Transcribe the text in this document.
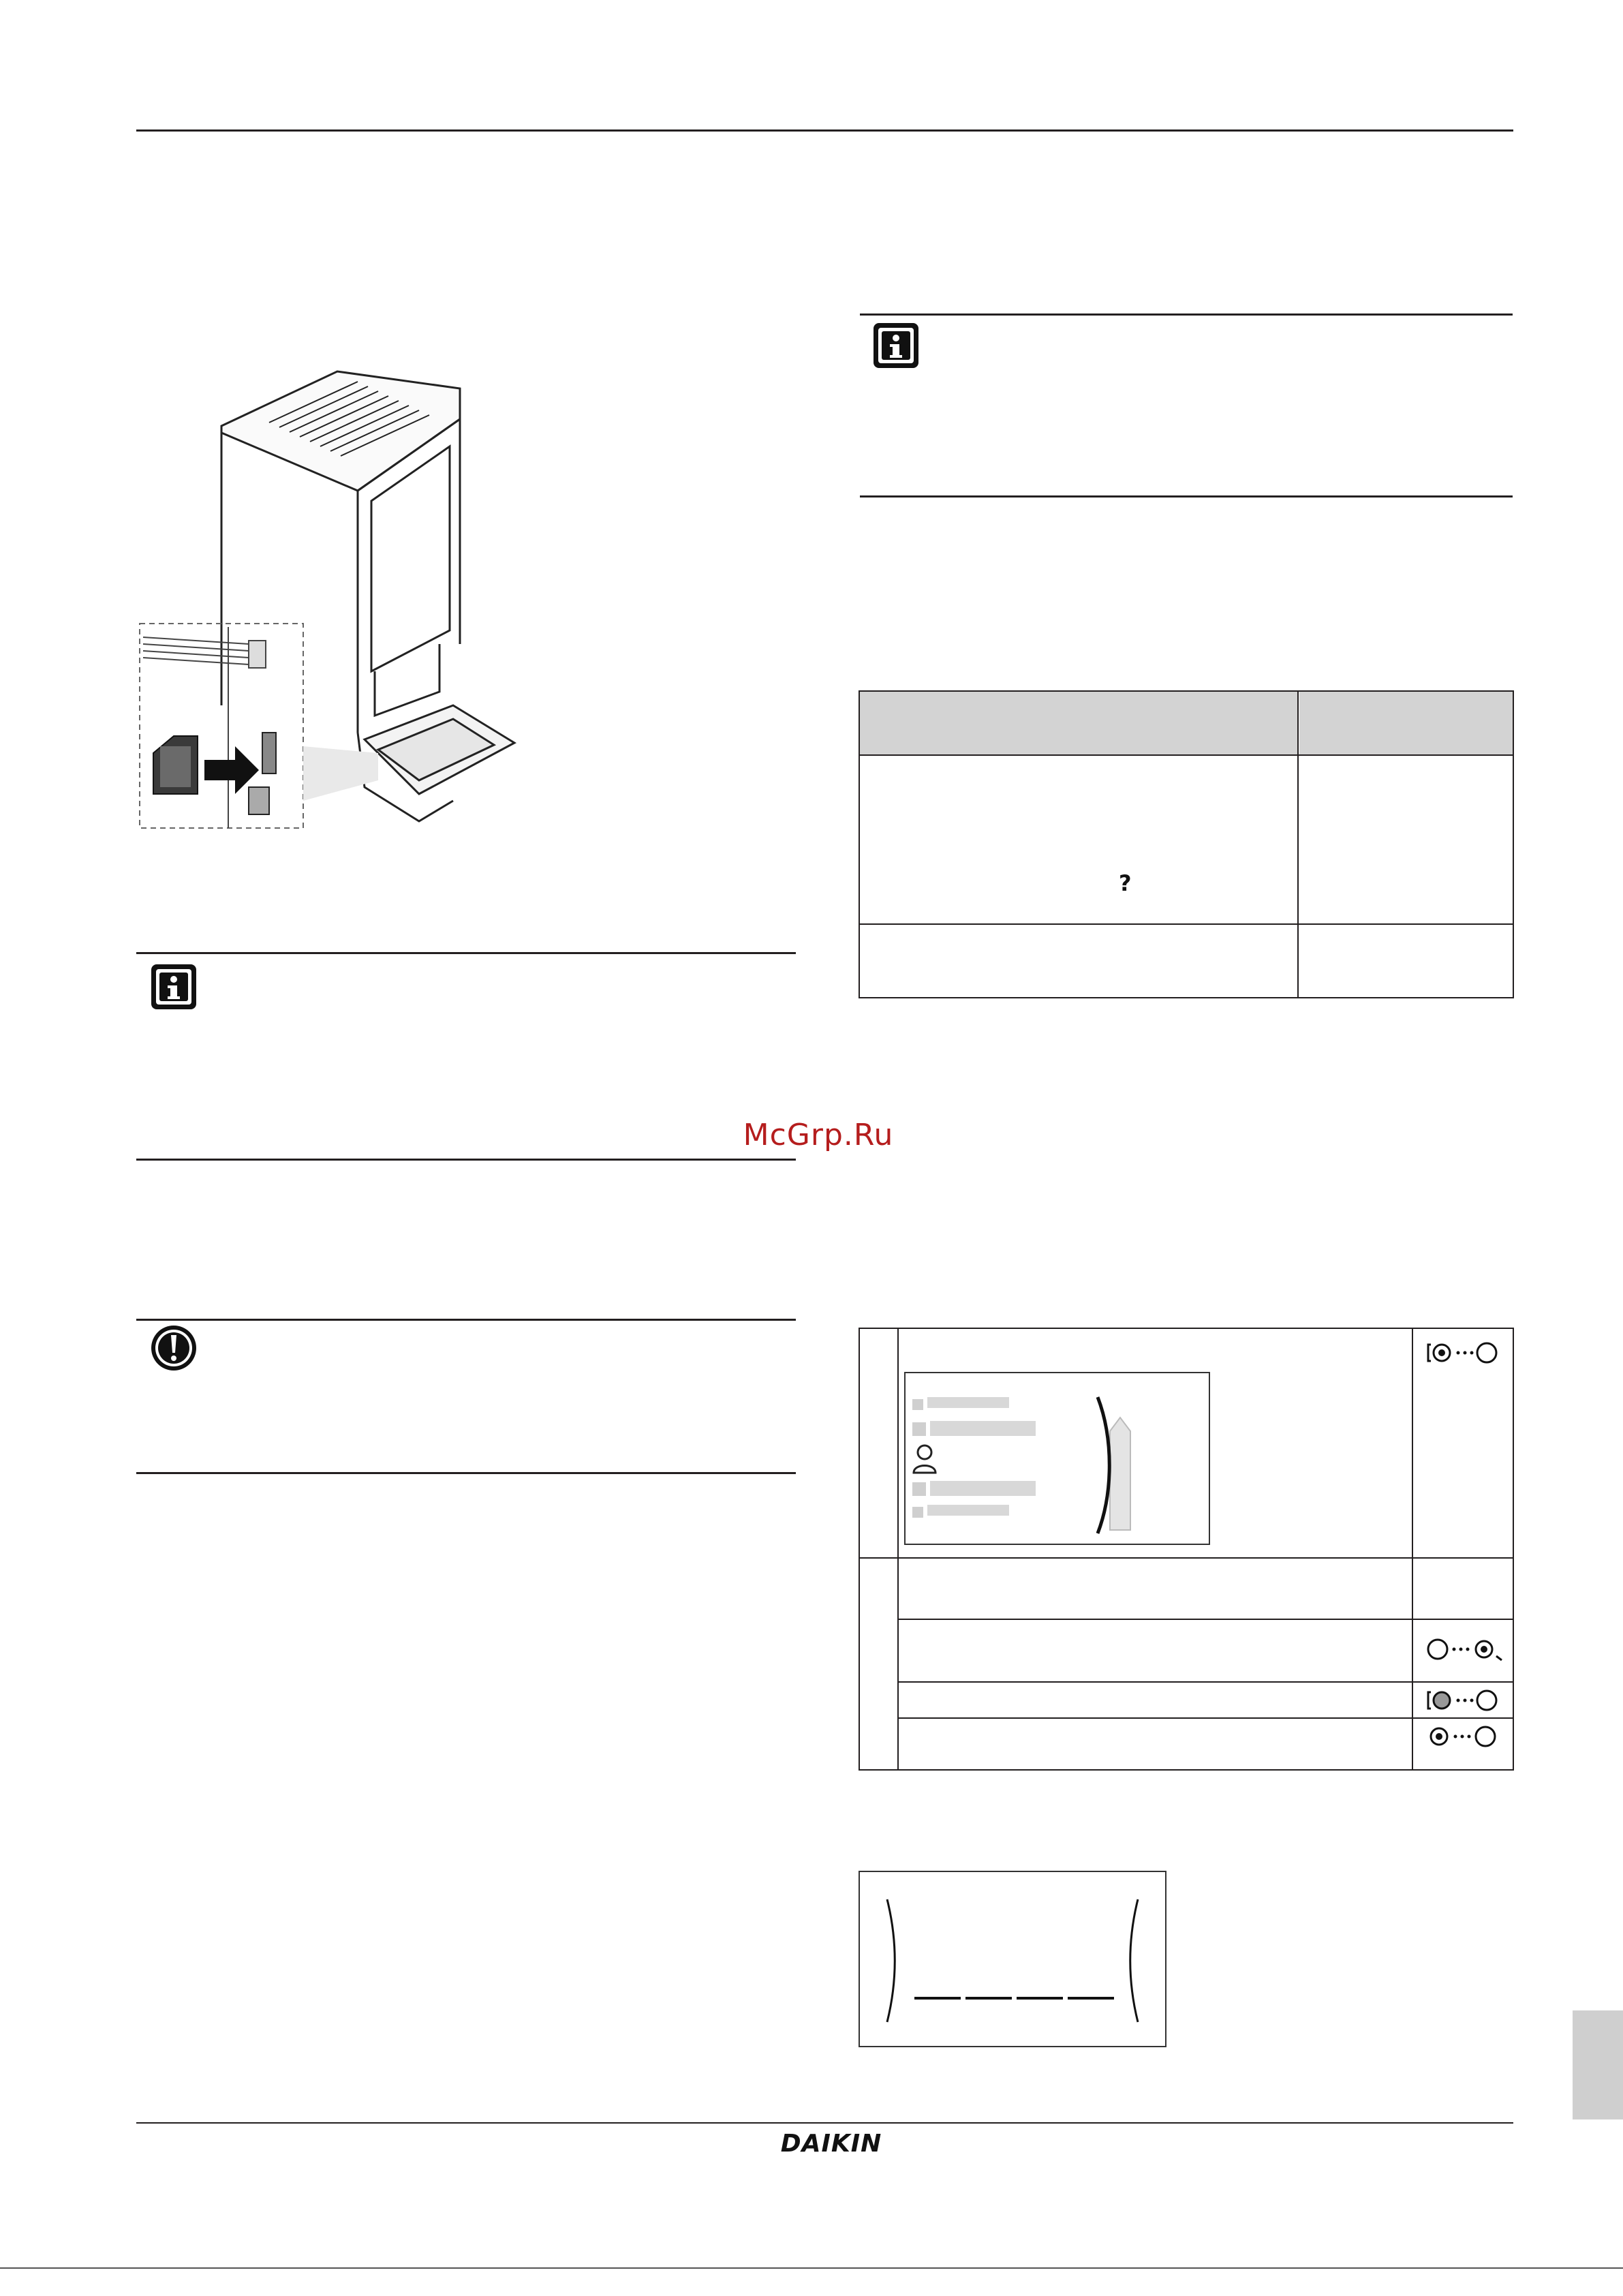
McGrp.Ru
?
DAIKIN
